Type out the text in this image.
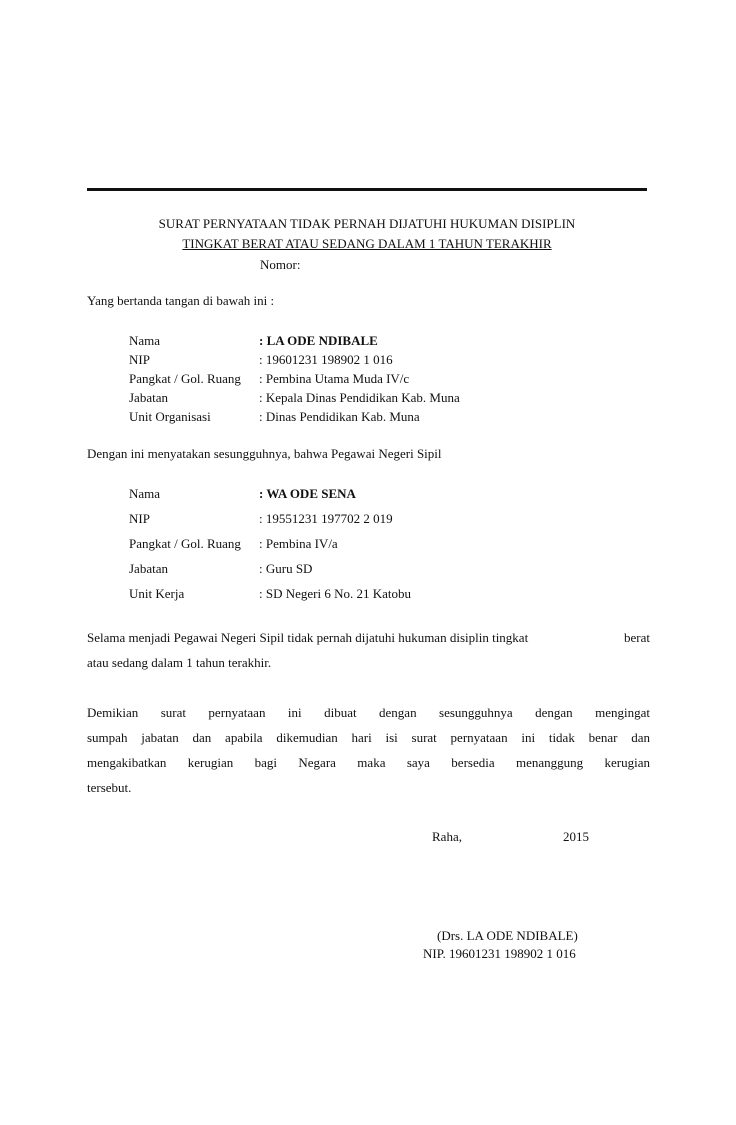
SURAT PERNYATAAN TIDAK PERNAH DIJATUHI HUKUMAN DISIPLIN
TINGKAT BERAT ATAU SEDANG DALAM 1 TAHUN TERAKHIR
Nomor:
Yang bertanda tangan di bawah ini :
Nama	: LA ODE NDIBALE
NIP	: 19601231 198902 1 016
Pangkat / Gol. Ruang : Pembina Utama Muda IV/c
Jabatan	: Kepala Dinas Pendidikan Kab. Muna
Unit Organisasi	: Dinas Pendidikan Kab. Muna
Dengan ini menyatakan sesungguhnya, bahwa Pegawai Negeri Sipil
Nama	: WA ODE SENA
NIP	: 19551231 197702 2 019
Pangkat / Gol. Ruang : Pembina IV/a
Jabatan	: Guru SD
Unit Kerja	: SD Negeri 6 No. 21 Katobu
Selama menjadi Pegawai Negeri Sipil tidak pernah dijatuhi hukuman disiplin tingkat	berat
atau sedang dalam 1 tahun terakhir.
Demikian surat pernyataan ini dibuat dengan sesungguhnya dengan mengingat
sumpah jabatan dan apabila dikemudian hari isi surat pernyataan ini tidak benar dan
mengakibatkan kerugian bagi Negara maka saya bersedia menanggung kerugian
tersebut.
Raha,	2015
(Drs. LA ODE NDIBALE)
NIP. 19601231 198902 1 016
